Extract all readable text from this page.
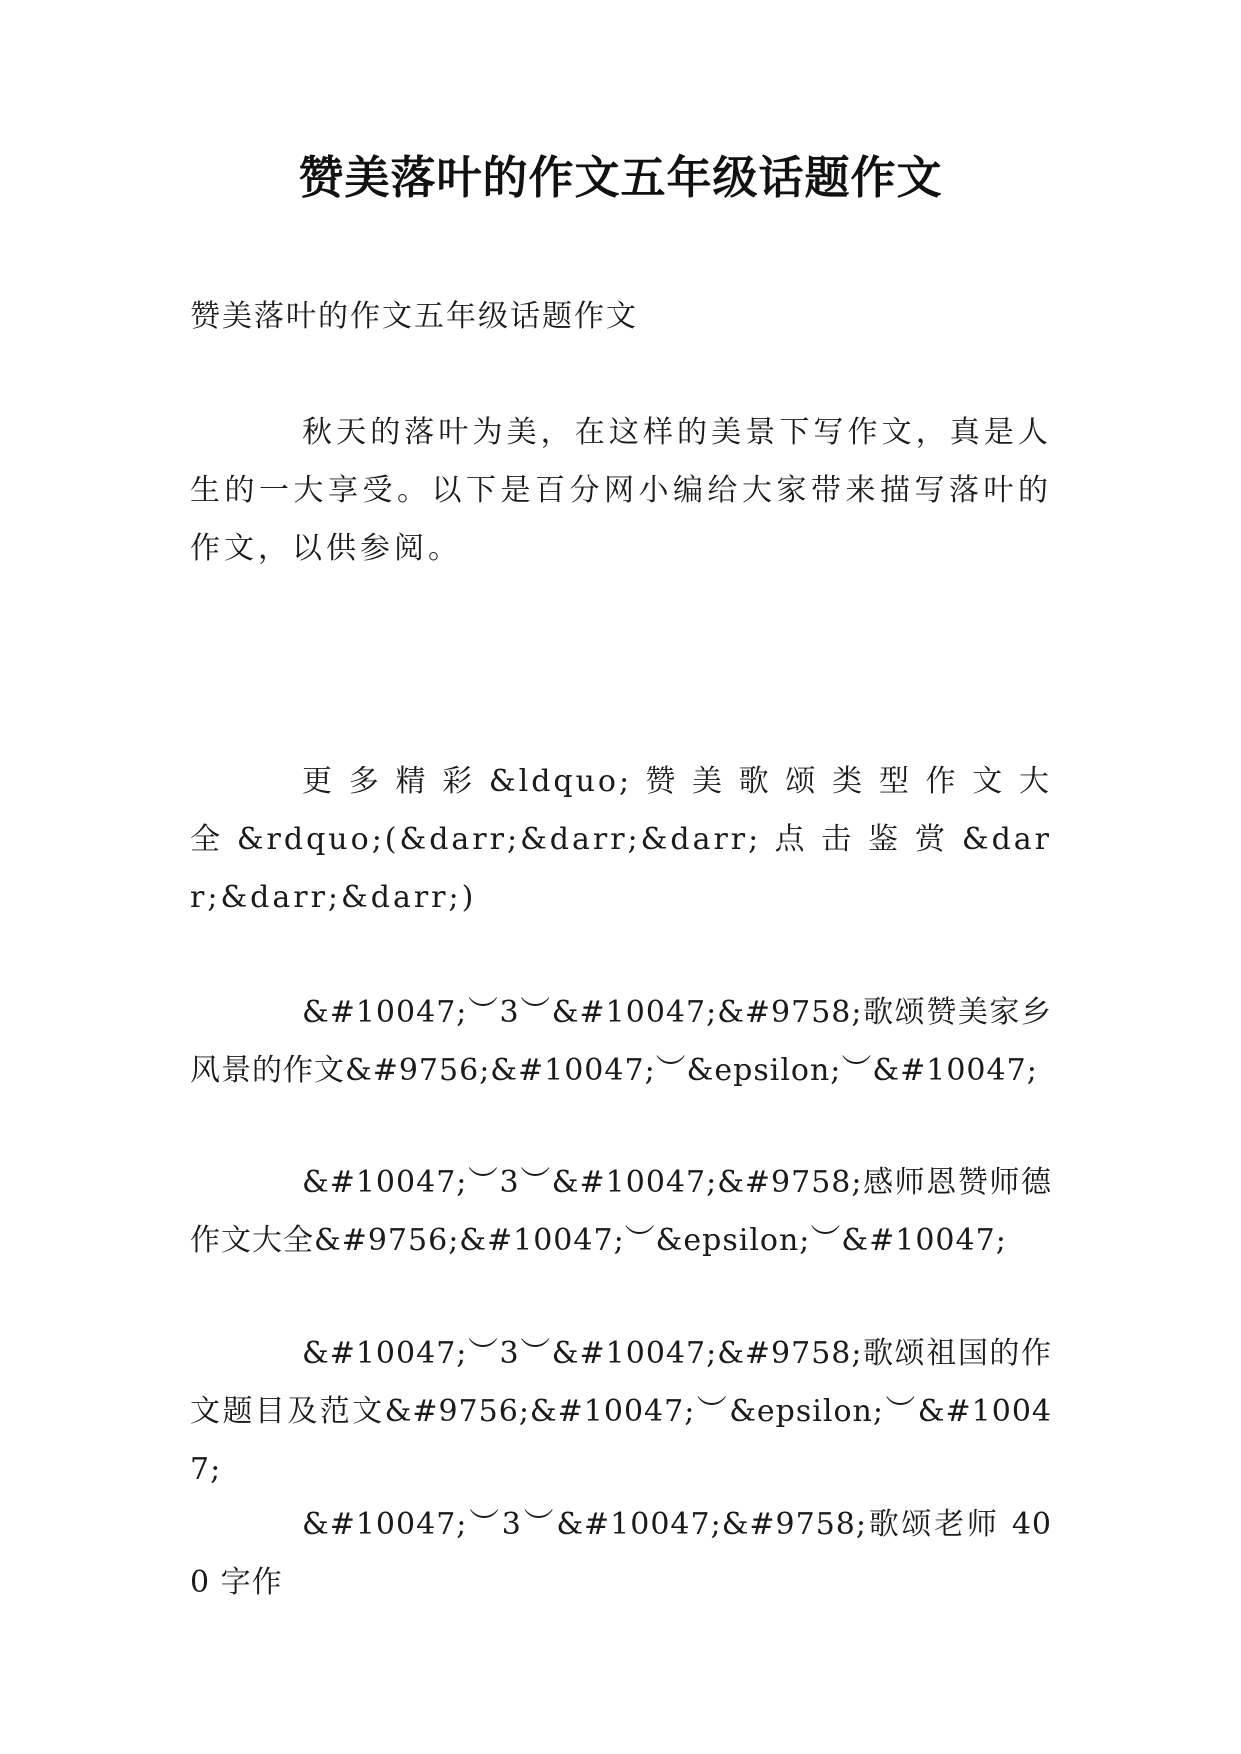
赞美落叶的作文五年级话题作文

赞美落叶的作文五年级话题作文

秋天的落叶为美，在这样的美景下写作文，真是人生的一大享受。以下是百分网小编给大家带来描写落叶的作文，以供参阅。

更 多 精 彩 &ldquo; 赞 美 歌 颂 类 型 作 文 大 全 &rdquo;(&darr;&darr;&darr; 点 击 鉴 赏 &darr;&darr;&darr;)

&#10047;︶3︶&#10047;&#9758;歌颂赞美家乡风景的作文&#9756;&#10047;︶&epsilon;︶&#10047;

&#10047;︶3︶&#10047;&#9758;感师恩赞师德作文大全&#9756;&#10047;︶&epsilon;︶&#10047;

&#10047;︶3︶&#10047;&#9758;歌颂祖国的作文题目及范文&#9756;&#10047;︶&epsilon;︶&#10047;

&#10047;︶3︶&#10047;&#9758;歌颂老师 400 字作
